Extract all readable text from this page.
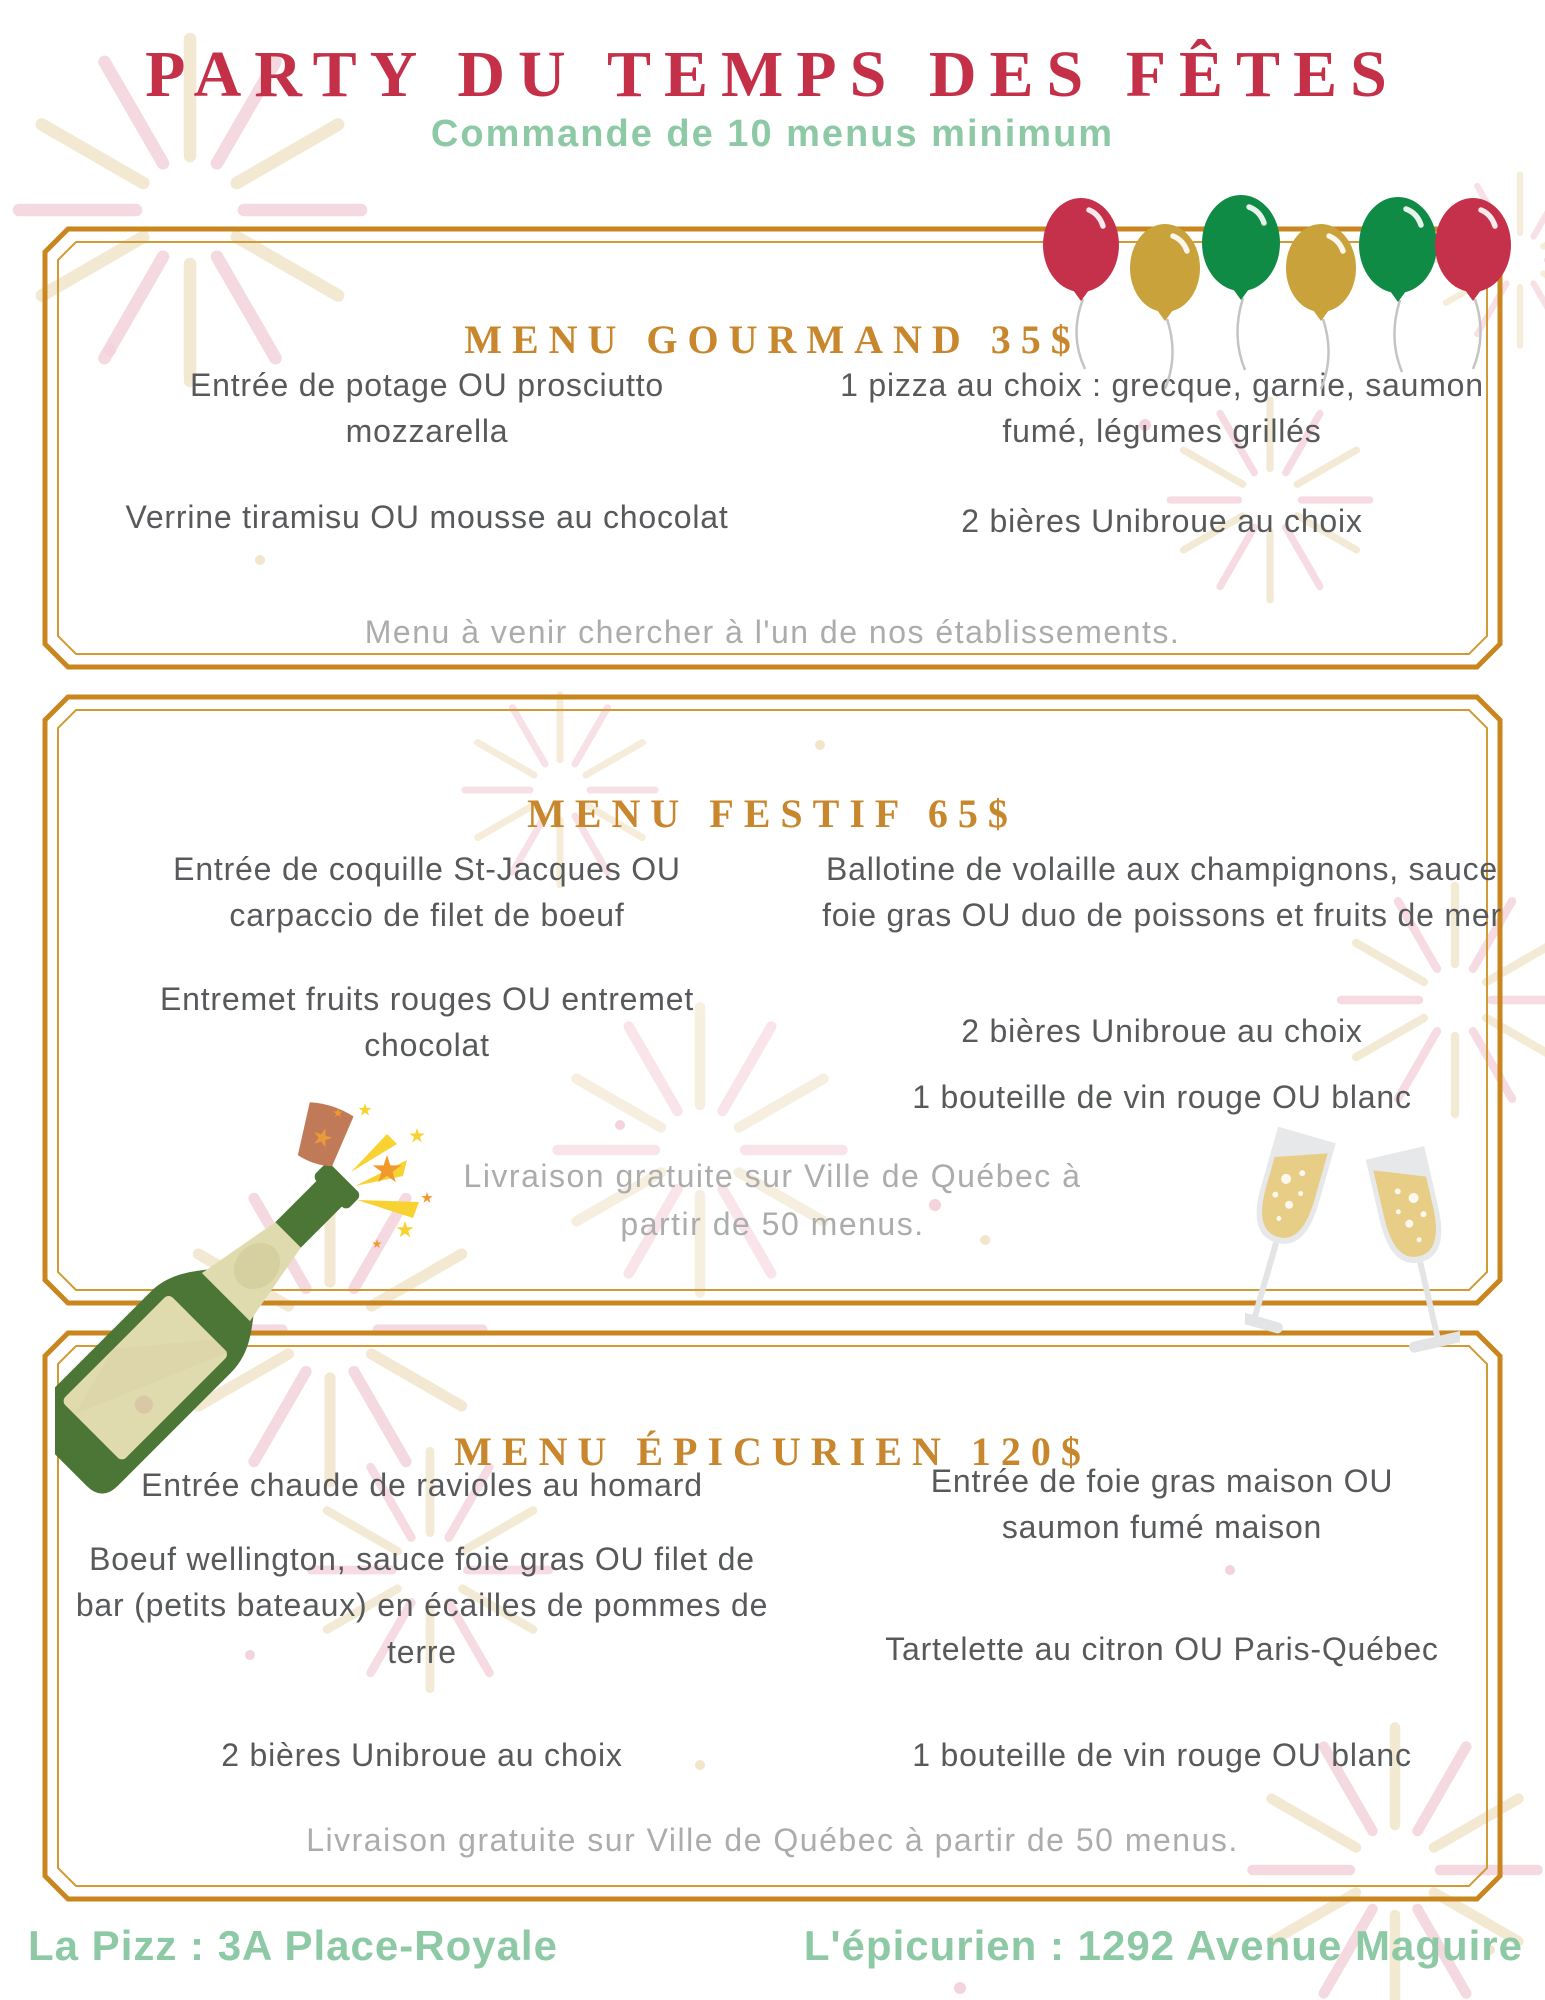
PARTY DU TEMPS DES FÊTES
Commande de 10 menus minimum
MENU GOURMAND 35$
Entrée de potage OU prosciutto mozzarella
Verrine tiramisu OU mousse au chocolat
1 pizza au choix : grecque, garnie, saumon fumé, légumes grillés
2 bières Unibroue au choix
Menu à venir chercher à l'un de nos établissements.
MENU FESTIF 65$
Entrée de coquille St-Jacques OU carpaccio de filet de boeuf
Entremet fruits rouges OU entremet chocolat
Ballotine de volaille aux champignons, sauce foie gras OU duo de poissons et fruits de mer
2 bières Unibroue au choix
1 bouteille de vin rouge OU blanc
Livraison gratuite sur Ville de Québec à partir de 50 menus.
MENU ÉPICURIEN 120$
Entrée chaude de ravioles au homard
Boeuf wellington, sauce foie gras OU filet de bar (petits bateaux) en écailles de pommes de terre
2 bières Unibroue au choix
Entrée de foie gras maison OU saumon fumé maison
Tartelette au citron OU Paris-Québec
1 bouteille de vin rouge OU blanc
Livraison gratuite sur Ville de Québec à partir de 50 menus.
La Pizz : 3A Place-Royale	L'épicurien : 1292 Avenue Maguire
